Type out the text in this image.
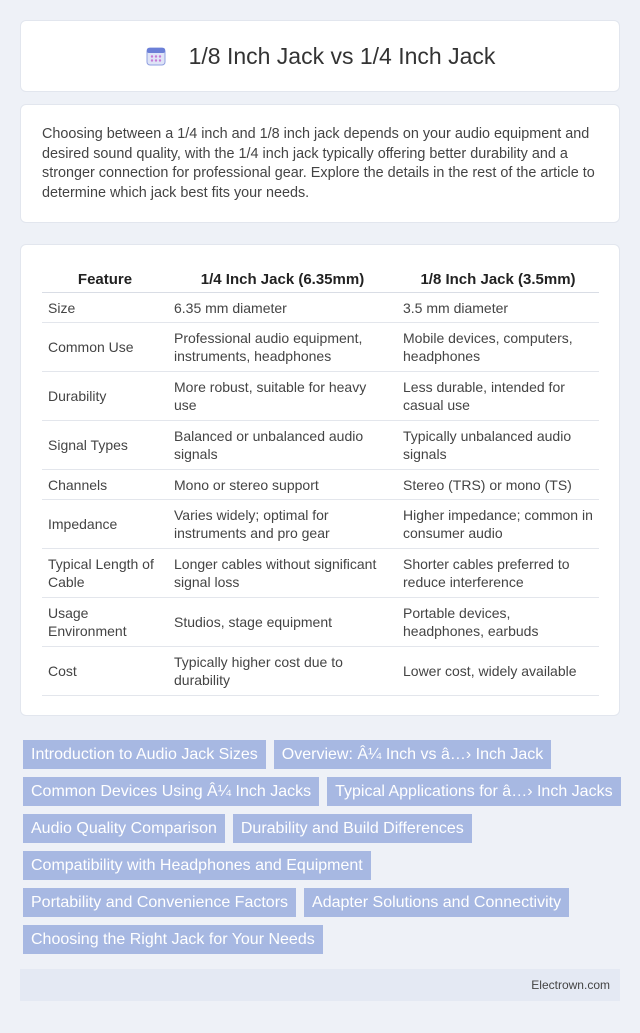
1/8 Inch Jack vs 1/4 Inch Jack

Choosing between a 1/4 inch and 1/8 inch jack depends on your audio equipment and desired sound quality, with the 1/4 inch jack typically offering better durability and a stronger connection for professional gear. Explore the details in the rest of the article to determine which jack best fits your needs.

Feature	1/4 Inch Jack (6.35mm)	1/8 Inch Jack (3.5mm)
Size	6.35 mm diameter	3.5 mm diameter
Common Use	Professional audio equipment, instruments, headphones	Mobile devices, computers, headphones
Durability	More robust, suitable for heavy use	Less durable, intended for casual use
Signal Types	Balanced or unbalanced audio signals	Typically unbalanced audio signals
Channels	Mono or stereo support	Stereo (TRS) or mono (TS)
Impedance	Varies widely; optimal for instruments and pro gear	Higher impedance; common in consumer audio
Typical Length of Cable	Longer cables without significant signal loss	Shorter cables preferred to reduce interference
Usage Environment	Studios, stage equipment	Portable devices, headphones, earbuds
Cost	Typically higher cost due to durability	Lower cost, widely available
Introduction to Audio Jack Sizes	Overview: Â¼ Inch vs â…› Inch Jack
Common Devices Using Â¼ Inch Jacks	Typical Applications for â…› Inch Jacks
Audio Quality Comparison	Durability and Build Differences
Compatibility with Headphones and Equipment
Portability and Convenience Factors	Adapter Solutions and Connectivity
Choosing the Right Jack for Your Needs
Electrown.com
